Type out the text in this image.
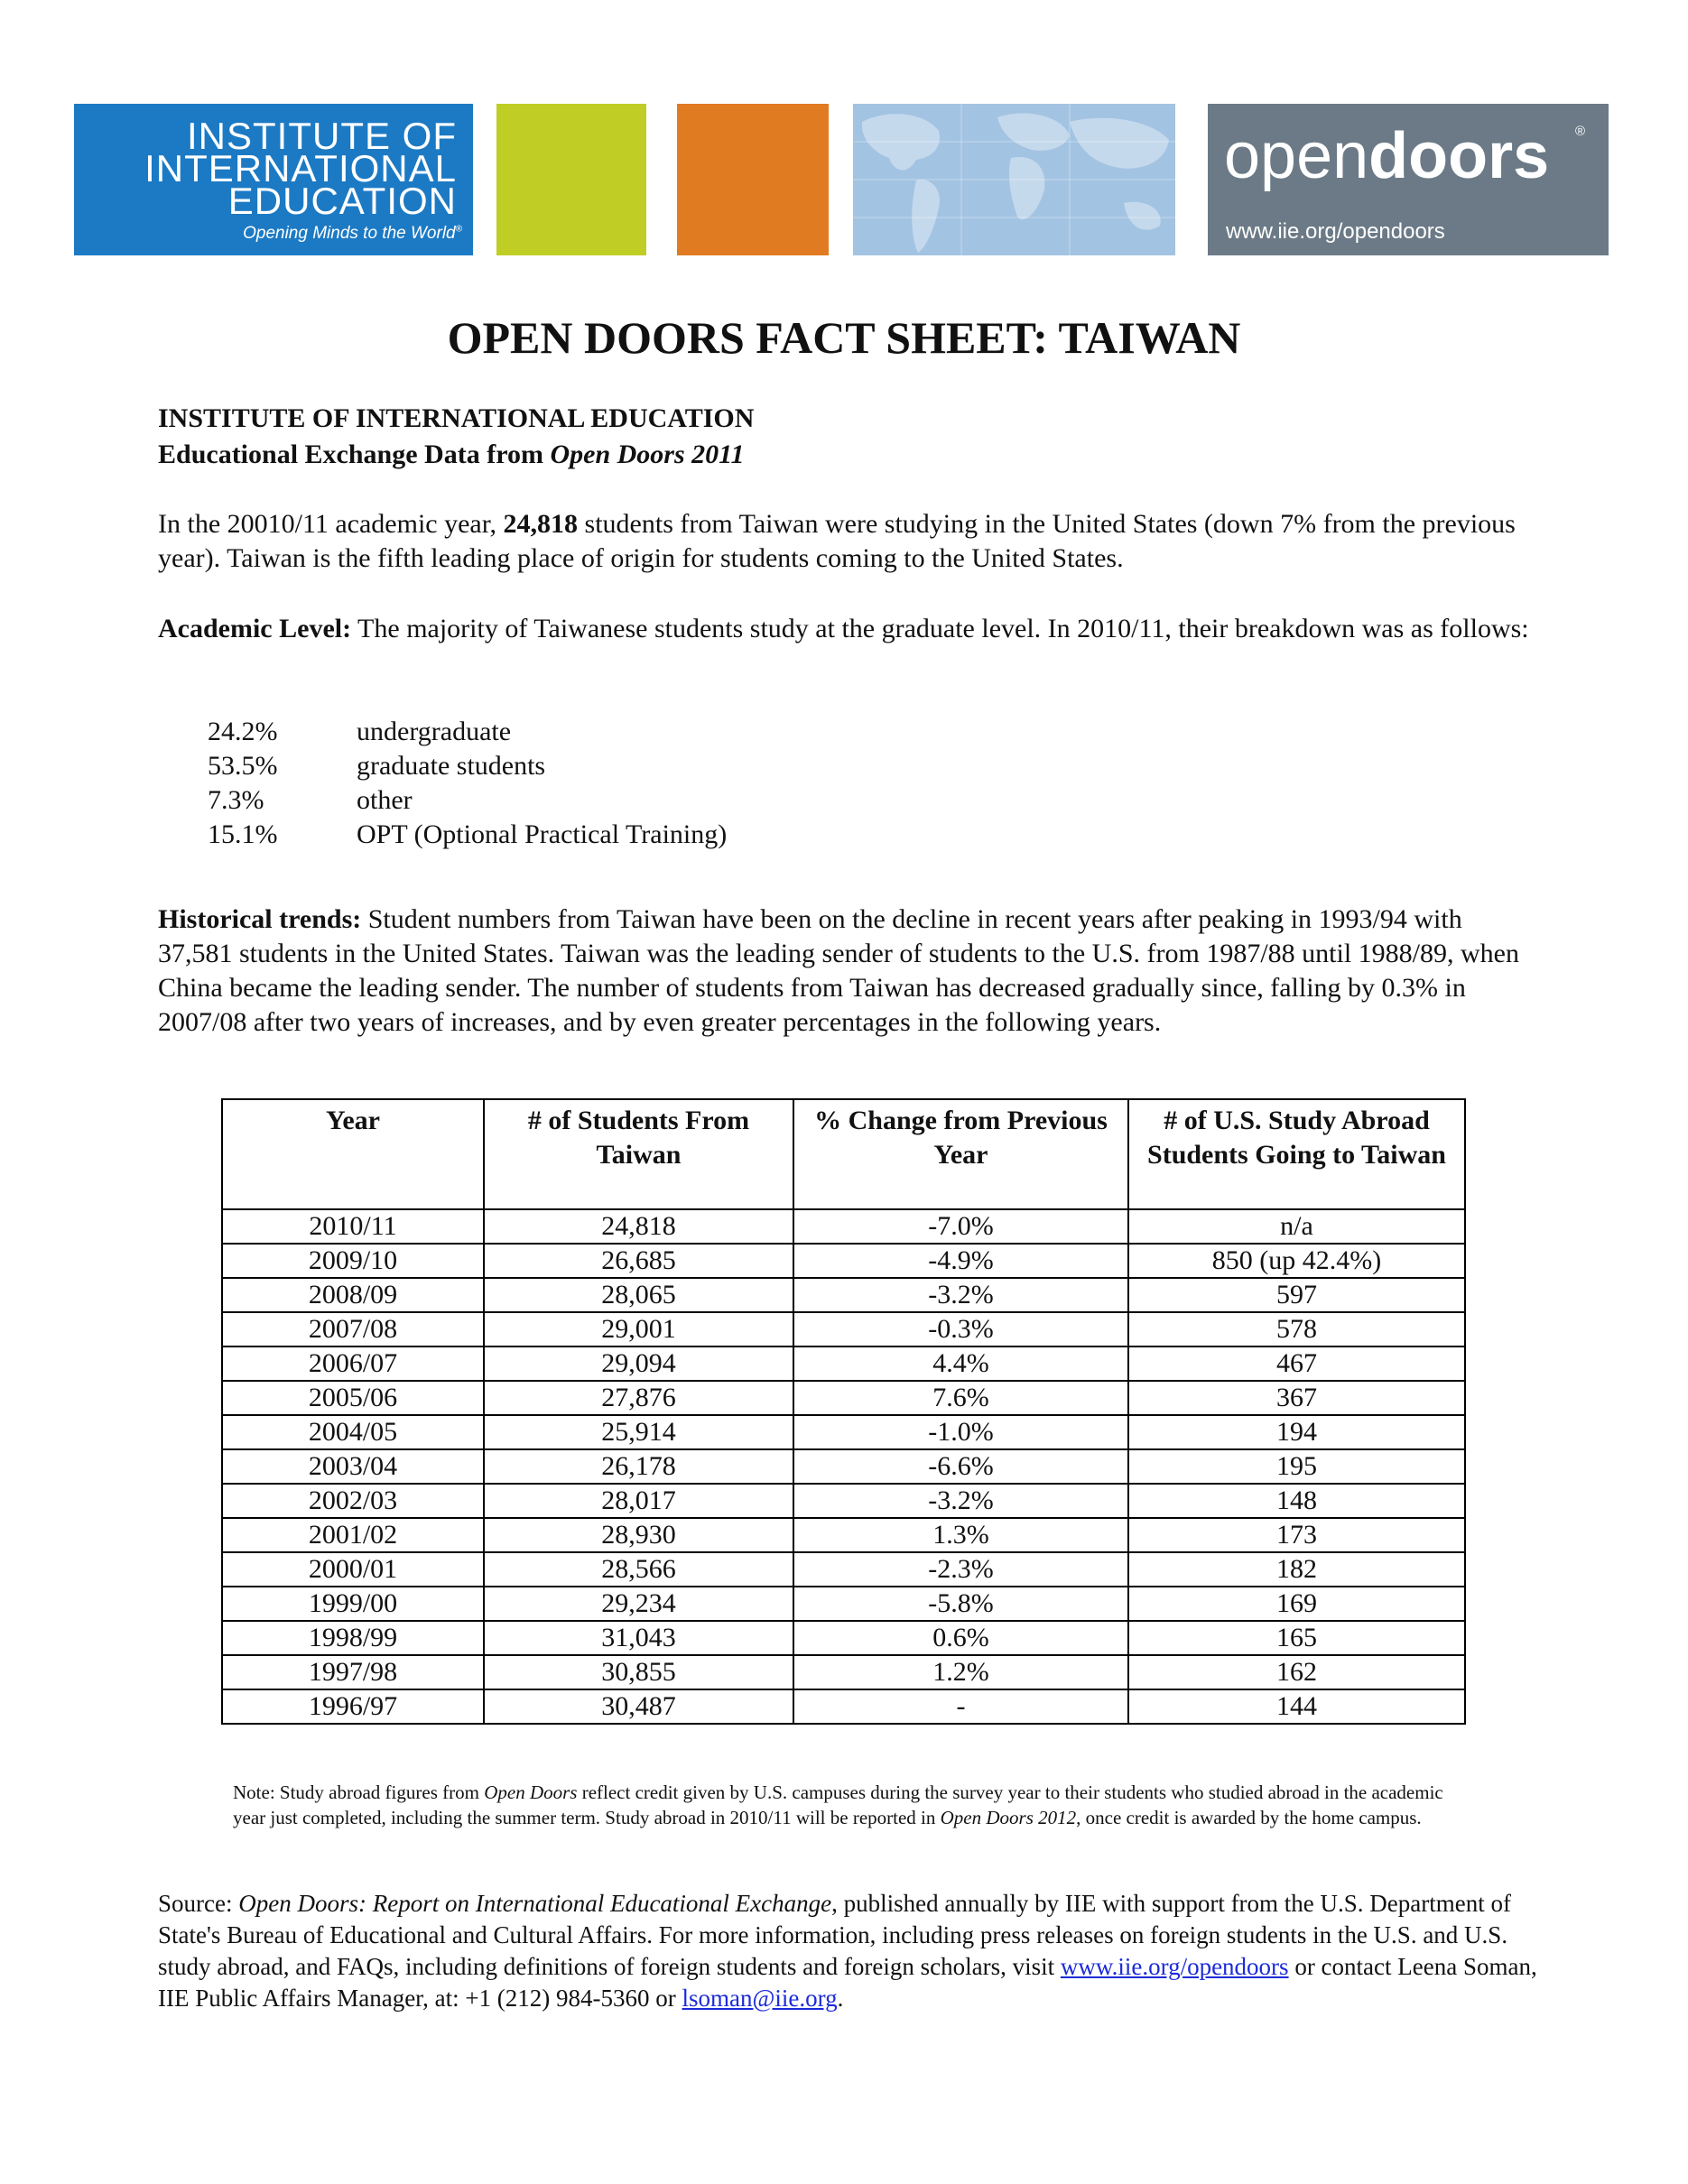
INSTITUTE OF
INTERNATIONAL
EDUCATION
Opening Minds to the World®
opendoors ®
www.iie.org/opendoors
OPEN DOORS FACT SHEET: TAIWAN

INSTITUTE OF INTERNATIONAL EDUCATION

Educational Exchange Data from Open Doors 2011

In the 20010/11 academic year, 24,818 students from Taiwan were studying in the United States (down 7% from the previous year). Taiwan is the fifth leading place of origin for students coming to the United States.

Academic Level: The majority of Taiwanese students study at the graduate level. In 2010/11, their breakdown was as follows:

24.2%	undergraduate
53.5%	graduate students
7.3%	other
15.1%	OPT (Optional Practical Training)

Historical trends: Student numbers from Taiwan have been on the decline in recent years after peaking in 1993/94 with 37,581 students in the United States. Taiwan was the leading sender of students to the U.S. from 1987/88 until 1988/89, when China became the leading sender. The number of students from Taiwan has decreased gradually since, falling by 0.3% in 2007/08 after two years of increases, and by even greater percentages in the following years.

Year	# of Students From Taiwan	% Change from Previous Year	# of U.S. Study Abroad Students Going to Taiwan
2010/11	24,818	-7.0%	n/a
2009/10	26,685	-4.9%	850 (up 42.4%)
2008/09	28,065	-3.2%	597
2007/08	29,001	-0.3%	578
2006/07	29,094	4.4%	467
2005/06	27,876	7.6%	367
2004/05	25,914	-1.0%	194
2003/04	26,178	-6.6%	195
2002/03	28,017	-3.2%	148
2001/02	28,930	1.3%	173
2000/01	28,566	-2.3%	182
1999/00	29,234	-5.8%	169
1998/99	31,043	0.6%	165
1997/98	30,855	1.2%	162
1996/97	30,487	-	144

Note: Study abroad figures from Open Doors reflect credit given by U.S. campuses during the survey year to their students who studied abroad in the academic year just completed, including the summer term. Study abroad in 2010/11 will be reported in Open Doors 2012, once credit is awarded by the home campus.

Source: Open Doors: Report on International Educational Exchange, published annually by IIE with support from the U.S. Department of State's Bureau of Educational and Cultural Affairs. For more information, including press releases on foreign students in the U.S. and U.S. study abroad, and FAQs, including definitions of foreign students and foreign scholars, visit www.iie.org/opendoors or contact Leena Soman, IIE Public Affairs Manager, at: +1 (212) 984-5360 or lsoman@iie.org.
